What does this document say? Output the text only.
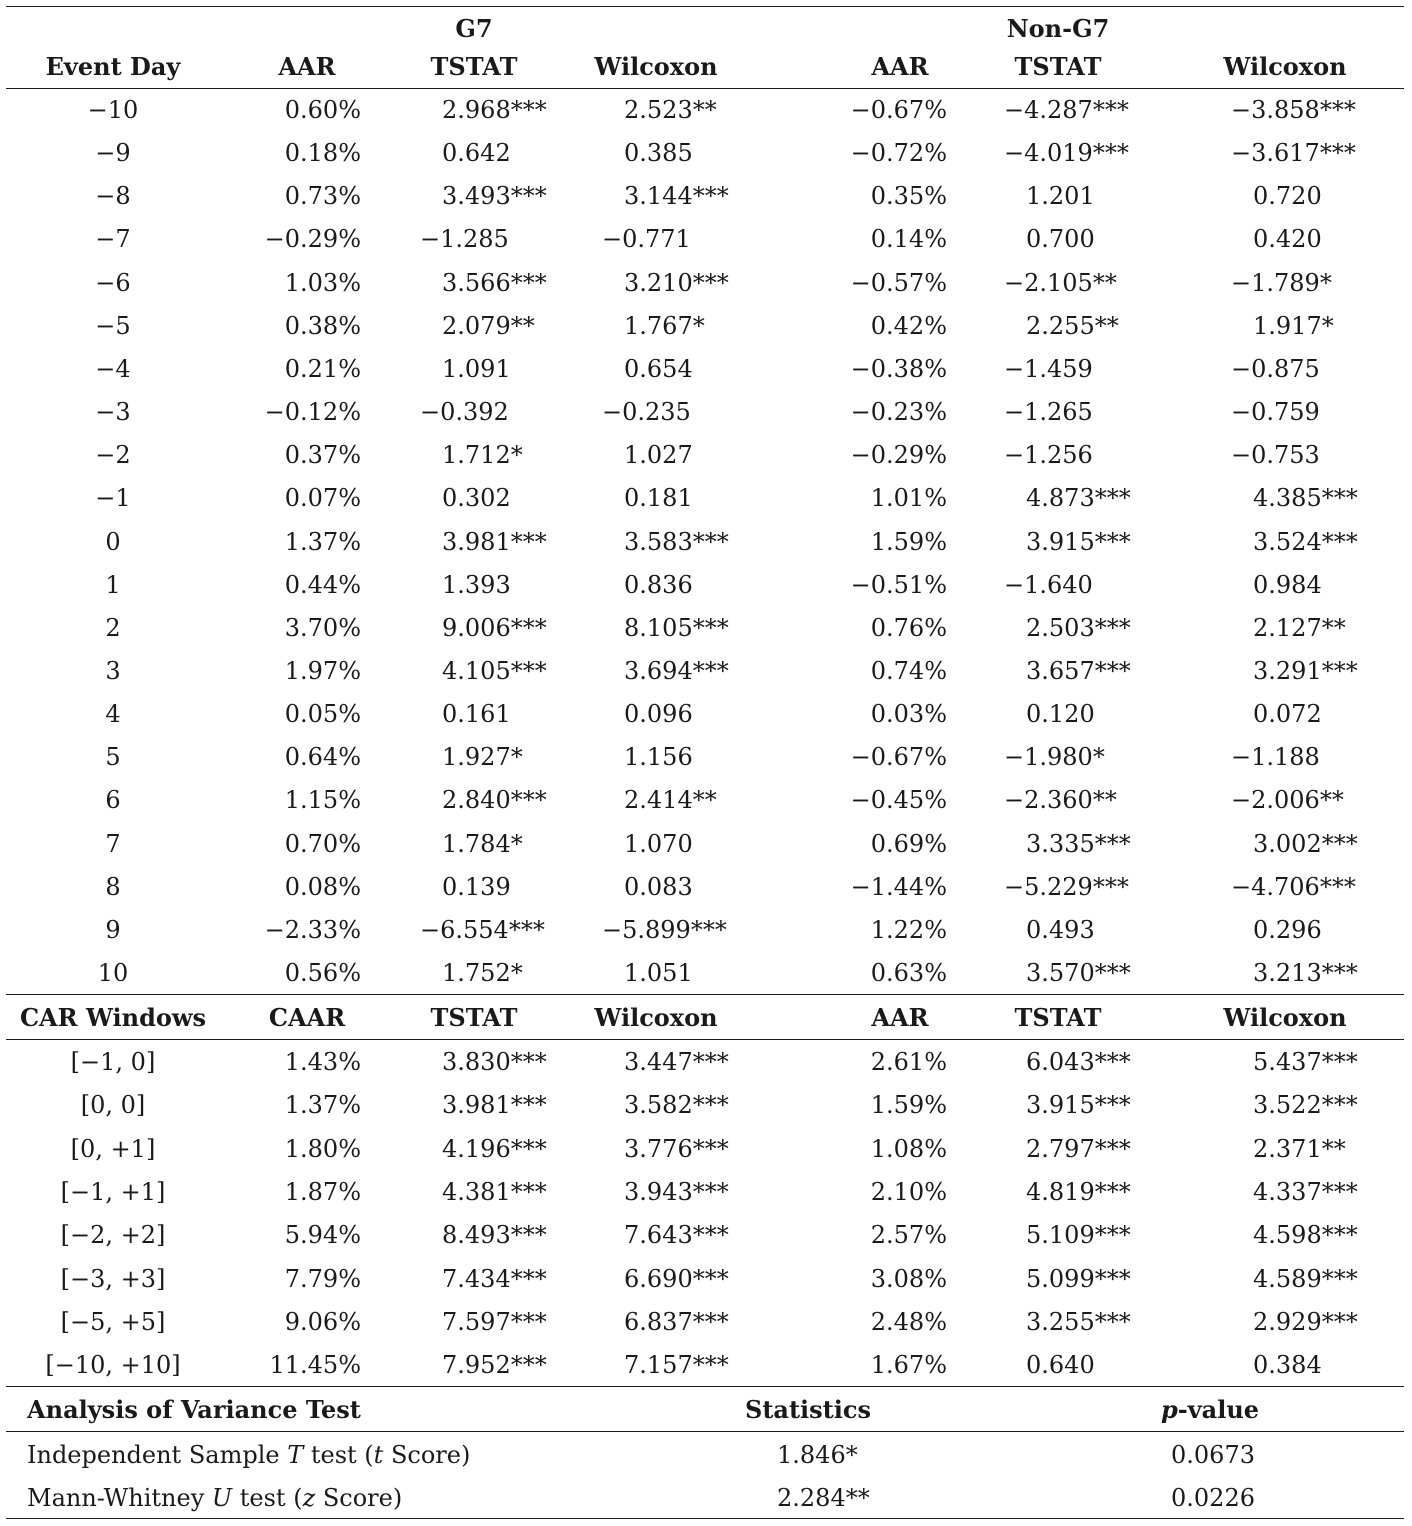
G7	Non-G7
Event Day	AAR	TSTAT	Wilcoxon	AAR	TSTAT	Wilcoxon
−10	0.60%	2.968***	2.523**	−0.67% −4.287***	−3.858***
−9	0.18%	0.642	0.385	−0.72% −4.019***	−3.617***
−8	0.73%	3.493***	3.144***	0.35%	1.201	0.720
−7	−0.29% −1.285	−0.771	0.14%	0.700	0.420
−6	1.03%	3.566***	3.210***	−0.57% −2.105**	−1.789*
−5	0.38%	2.079**	1.767*	0.42%	2.255**	1.917*
−4	0.21%	1.091	0.654	−0.38% −1.459	−0.875
−3	−0.12% −0.392	−0.235	−0.23% −1.265	−0.759
−2	0.37%	1.712*	1.027	−0.29% −1.256	−0.753
−1	0.07%	0.302	0.181	1.01%	4.873***	4.385***
0	1.37%	3.981***	3.583***	1.59%	3.915***	3.524***
1	0.44%	1.393	0.836	−0.51% −1.640	0.984
2	3.70%	9.006***	8.105***	0.76%	2.503***	2.127**
3	1.97%	4.105***	3.694***	0.74%	3.657***	3.291***
4	0.05%	0.161	0.096	0.03%	0.120	0.072
5	0.64%	1.927*	1.156	−0.67% −1.980*	−1.188
6	1.15%	2.840***	2.414**	−0.45% −2.360**	−2.006**
7	0.70%	1.784*	1.070	0.69%	3.335***	3.002***
8	0.08%	0.139	0.083	−1.44% −5.229***	−4.706***
9	−2.33% −6.554*** −5.899***	1.22%	0.493	0.296
10	0.56%	1.752*	1.051	0.63%	3.570***	3.213***
CAR Windows	CAAR	TSTAT	Wilcoxon	AAR	TSTAT	Wilcoxon
[−1, 0]	1.43%	3.830***	3.447***	2.61%	6.043***	5.437***
[0, 0]	1.37%	3.981***	3.582***	1.59%	3.915***	3.522***
[0, +1]	1.80%	4.196***	3.776***	1.08%	2.797***	2.371**
[−1, +1]	1.87%	4.381***	3.943***	2.10%	4.819***	4.337***
[−2, +2]	5.94%	8.493***	7.643***	2.57%	5.109***	4.598***
[−3, +3]	7.79%	7.434***	6.690***	3.08%	5.099***	4.589***
[−5, +5]	9.06%	7.597***	6.837***	2.48%	3.255***	2.929***
[−10, +10]	11.45%	7.952***	7.157***	1.67%	0.640	0.384
Analysis of Variance Test	Statistics	p-value
Independent Sample T test (t Score)	1.846*	0.0673
Mann-Whitney U test (z Score)	2.284**	0.0226
